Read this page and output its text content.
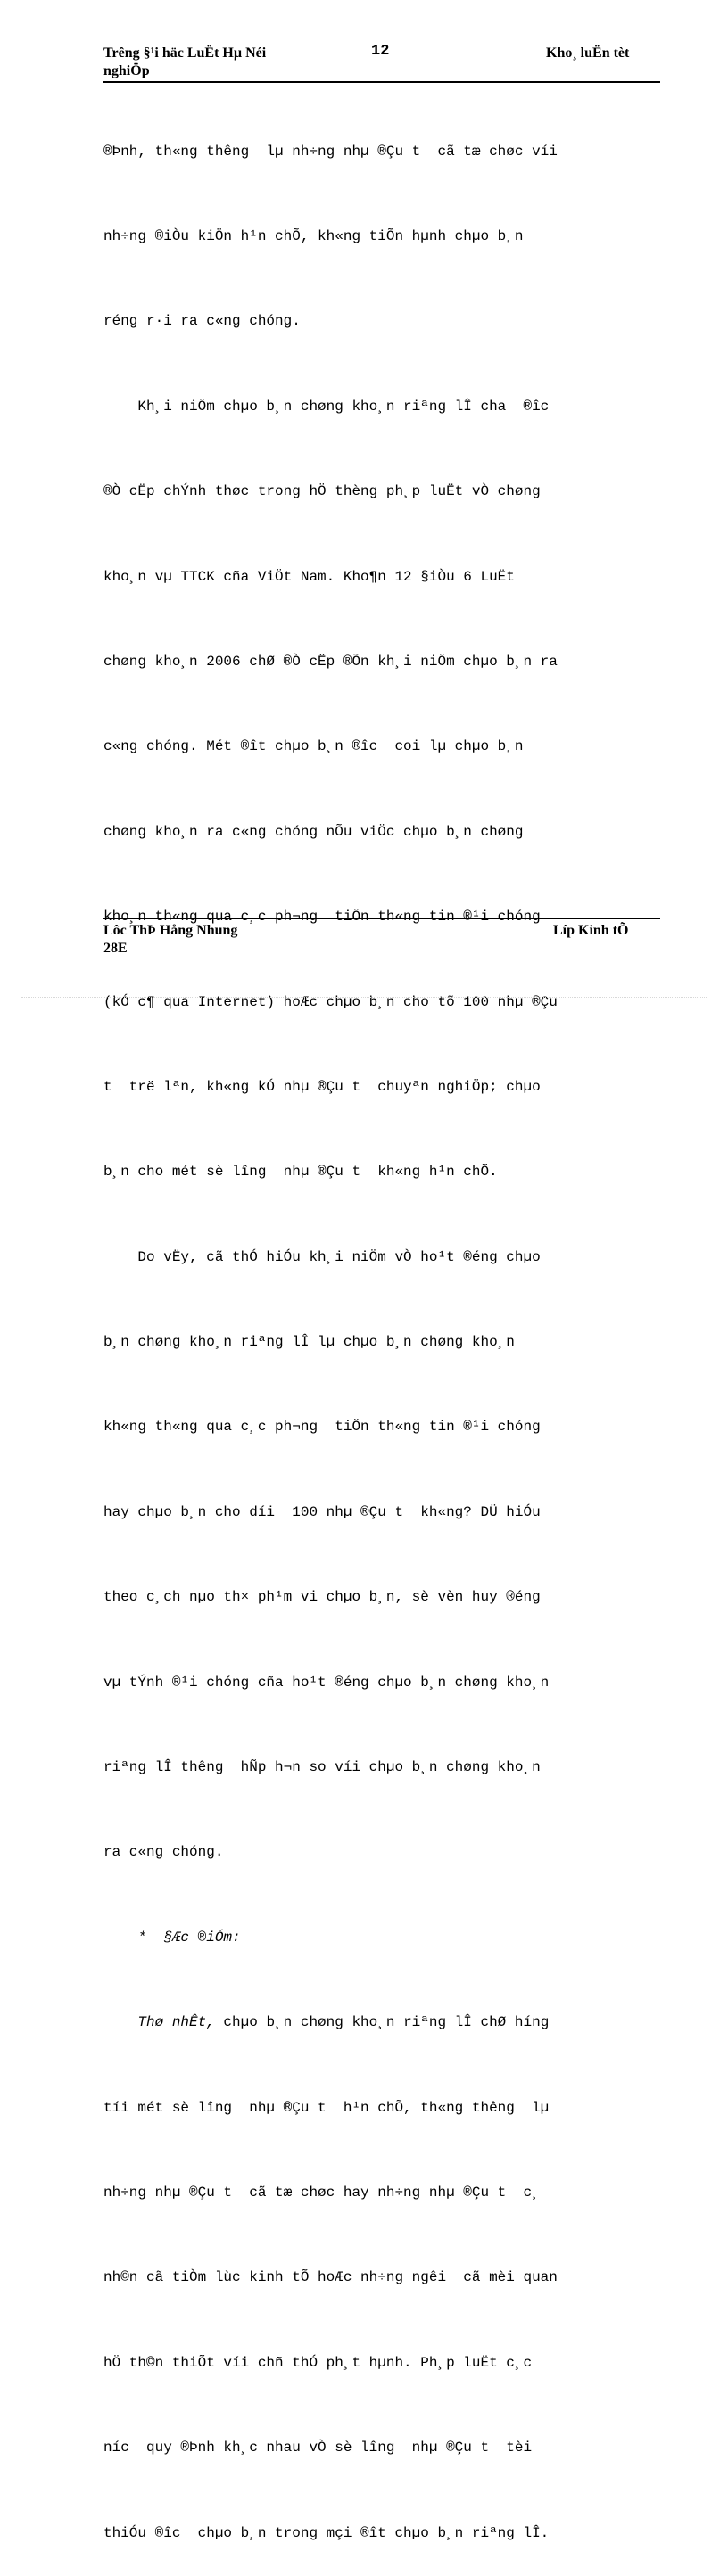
Trêng §¹i häc LuËt Hµ Néi
nghiÖp
12	Kho¸ luËn tèt

®Þnh, th«ng thêng  lµ nh÷ng nhµ ®Çu t  cã tæ chøc víi

nh÷ng ®iÒu kiÖn h¹n chÕ, kh«ng tiÕn hµnh chµo b¸n

réng r·i ra c«ng chóng.

Kh¸i niÖm chµo b¸n chøng kho¸n riªng lÎ cha  ®îc

®Ò cËp chÝnh thøc trong hÖ thèng ph¸p luËt vÒ chøng

kho¸n vµ TTCK cña ViÖt Nam. Kho¶n 12 §iÒu 6 LuËt

chøng kho¸n 2006 chØ ®Ò cËp ®Õn kh¸i niÖm chµo b¸n ra

c«ng chóng. Mét ®ît chµo b¸n ®îc  coi lµ chµo b¸n

chøng kho¸n ra c«ng chóng nÕu viÖc chµo b¸n chøng

kho¸n th«ng qua c¸c ph¬ng  tiÖn th«ng tin ®¹i chóng

(kÓ c¶ qua Internet) hoÆc chµo b¸n cho tõ 100 nhµ ®Çu

t  trë lªn, kh«ng kÓ nhµ ®Çu t  chuyªn nghiÖp; chµo

b¸n cho mét sè lîng  nhµ ®Çu t  kh«ng h¹n chÕ.

Do vËy, cã thÓ hiÓu kh¸i niÖm vÒ ho¹t ®éng chµo

b¸n chøng kho¸n riªng lÎ lµ chµo b¸n chøng kho¸n

kh«ng th«ng qua c¸c ph¬ng  tiÖn th«ng tin ®¹i chóng

hay chµo b¸n cho díi  100 nhµ ®Çu t  kh«ng? DÜ hiÓu

theo c¸ch nµo th× ph¹m vi chµo b¸n, sè vèn huy ®éng

vµ tÝnh ®¹i chóng cña ho¹t ®éng chµo b¸n chøng kho¸n

riªng lÎ thêng  hÑp h¬n so víi chµo b¸n chøng kho¸n

ra c«ng chóng.

*  §Æc ®iÓm:

Thø nhÊt, chµo b¸n chøng kho¸n riªng lÎ chØ híng

tíi mét sè lîng  nhµ ®Çu t  h¹n chÕ, th«ng thêng  lµ

nh÷ng nhµ ®Çu t  cã tæ chøc hay nh÷ng nhµ ®Çu t  c¸

nh©n cã tiÒm lùc kinh tÕ hoÆc nh÷ng ngêi  cã mèi quan

hÖ th©n thiÕt víi chñ thÓ ph¸t hµnh. Ph¸p luËt c¸c

níc  quy ®Þnh kh¸c nhau vÒ sè lîng  nhµ ®Çu t  tèi

thiÓu ®îc  chµo b¸n trong mçi ®ît chµo b¸n riªng lÎ.

Lôc ThÞ Hång Nhung
28E
Líp Kinh tÕ
